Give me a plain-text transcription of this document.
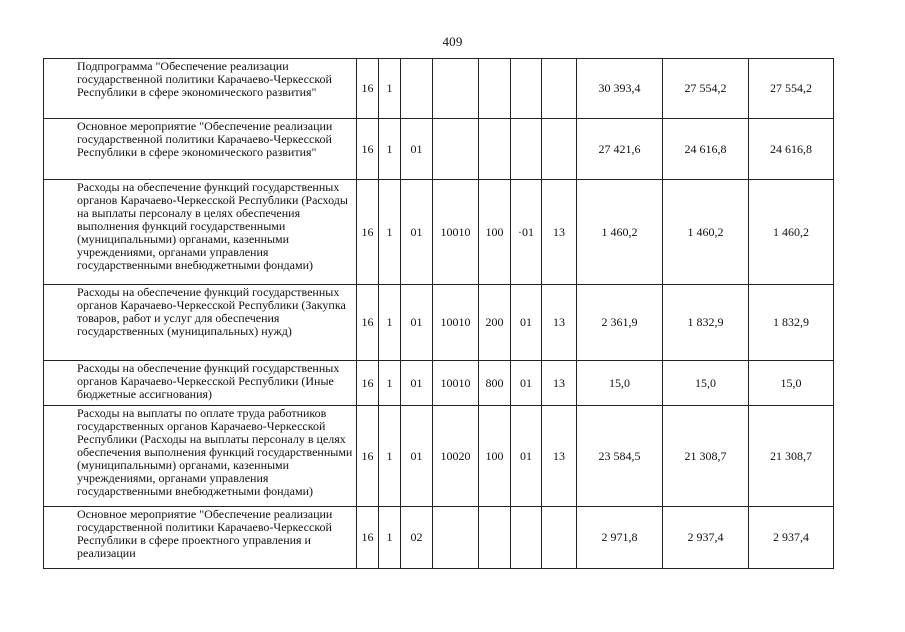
409
	Подпрограмма "Обеспечение реализации государственной политики Карачаево-Черкесской Республики в сфере экономического развития"	16	1						30 393,4	27 554,2	27 554,2
	Основное мероприятие "Обеспечение реализации государственной политики Карачаево-Черкесской Республики в сфере экономического развития"	16	1	01					27 421,6	24 616,8	24 616,8
	Расходы на обеспечение функций государственных органов Карачаево-Черкесской Республики (Расходы на выплаты персоналу в целях обеспечения выполнения функций государственными (муниципальными) органами, казенными учреждениями, органами управления государственными внебюджетными фондами)	16	1	01	10010	100	·01	13	1 460,2	1 460,2	1 460,2
	Расходы на обеспечение функций государственных органов Карачаево-Черкесской Республики (Закупка товаров, работ и услуг для обеспечения государственных (муниципальных) нужд)	16	1	01	10010	200	01	13	2 361,9	1 832,9	1 832,9
	Расходы на обеспечение функций государственных органов Карачаево-Черкесской Республики (Иные бюджетные ассигнования)	16	1	01	10010	800	01	13	15,0	15,0	15,0
	Расходы на выплаты по оплате труда работников государственных органов Карачаево-Черкесской Республики (Расходы на выплаты персоналу в целях обеспечения выполнения функций государственными (муниципальными) органами, казенными учреждениями, органами управления государственными внебюджетными фондами)	16	1	01	10020	100	01	13	23 584,5	21 308,7	21 308,7
	Основное мероприятие "Обеспечение реализации государственной политики Карачаево-Черкесской Республики в сфере проектного управления и реализации	16	1	02					2 971,8	2 937,4	2 937,4
